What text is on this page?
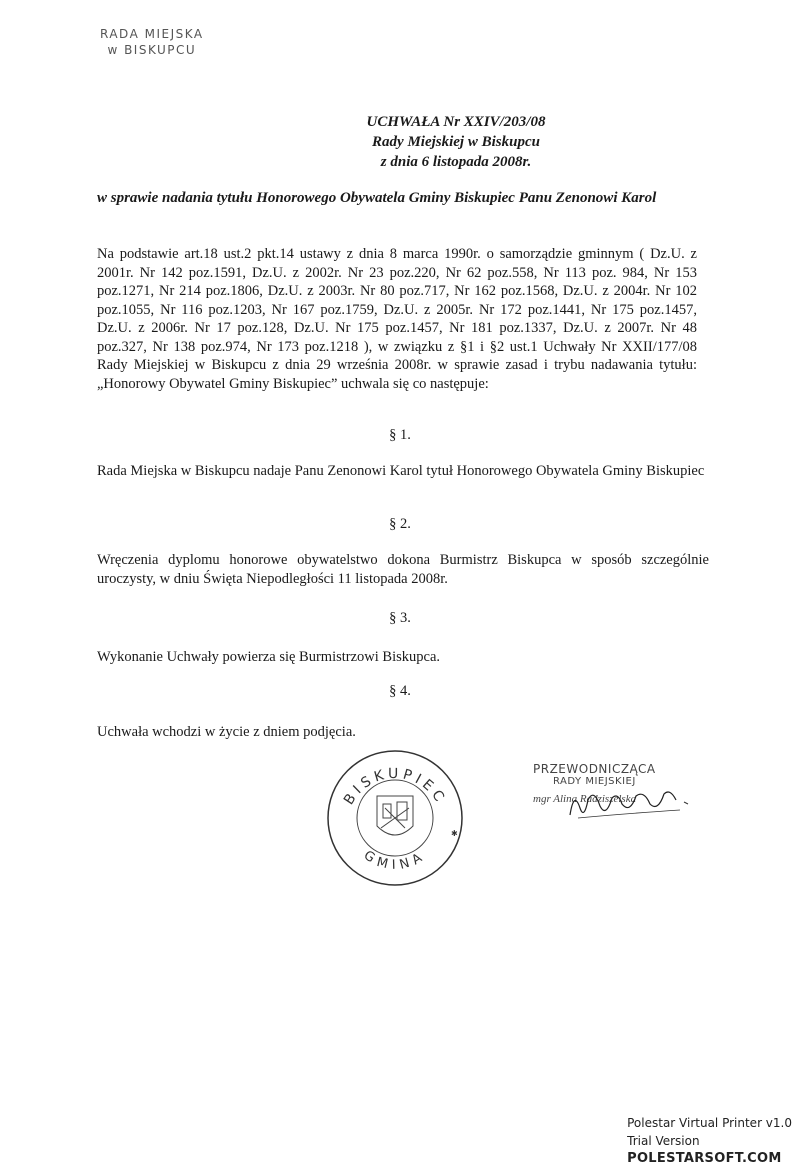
RADA MIEJSKA
w BISKUPCU
UCHWAŁA Nr XXIV/203/08
Rady Miejskiej w Biskupcu
z dnia 6 listopada 2008r.
w sprawie nadania tytułu Honorowego Obywatela Gminy Biskupiec Panu Zenonowi Karol
Na podstawie art.18 ust.2 pkt.14 ustawy z dnia 8 marca 1990r. o samorządzie gminnym ( Dz.U. z 2001r. Nr 142 poz.1591, Dz.U. z 2002r. Nr 23 poz.220, Nr 62 poz.558, Nr 113 poz. 984, Nr 153 poz.1271, Nr 214 poz.1806, Dz.U. z 2003r. Nr 80 poz.717, Nr 162 poz.1568, Dz.U. z 2004r. Nr 102 poz.1055, Nr 116 poz.1203, Nr 167 poz.1759, Dz.U. z 2005r. Nr 172 poz.1441, Nr 175 poz.1457, Dz.U. z 2006r. Nr 17 poz.128, Dz.U. Nr 175 poz.1457, Nr 181 poz.1337, Dz.U. z 2007r. Nr 48 poz.327, Nr 138 poz.974, Nr 173 poz.1218 ), w związku z §1 i §2 ust.1 Uchwały Nr XXII/177/08 Rady Miejskiej w Biskupcu z dnia 29 września 2008r. w sprawie zasad i trybu nadawania tytułu: „Honorowy Obywatel Gminy Biskupiec” uchwala się co następuje:
§ 1.
Rada Miejska w Biskupcu nadaje Panu Zenonowi Karol tytuł Honorowego Obywatela Gminy Biskupiec
§ 2.
Wręczenia dyplomu honorowe obywatelstwo dokona Burmistrz Biskupca w sposób szczególnie uroczysty, w dniu Święta Niepodległości 11 listopada 2008r.
§ 3.
Wykonanie Uchwały powierza się Burmistrzowi Biskupca.
§ 4.
Uchwała wchodzi w życie z dniem podjęcia.
BISKUPIEC
GMINA
✱
PRZEWODNICZĄCA
RADY MIEJSKIEJ
mgr Alina Radziszelska
Polestar Virtual Printer v1.0
Trial Version
POLESTARSOFT.COM
